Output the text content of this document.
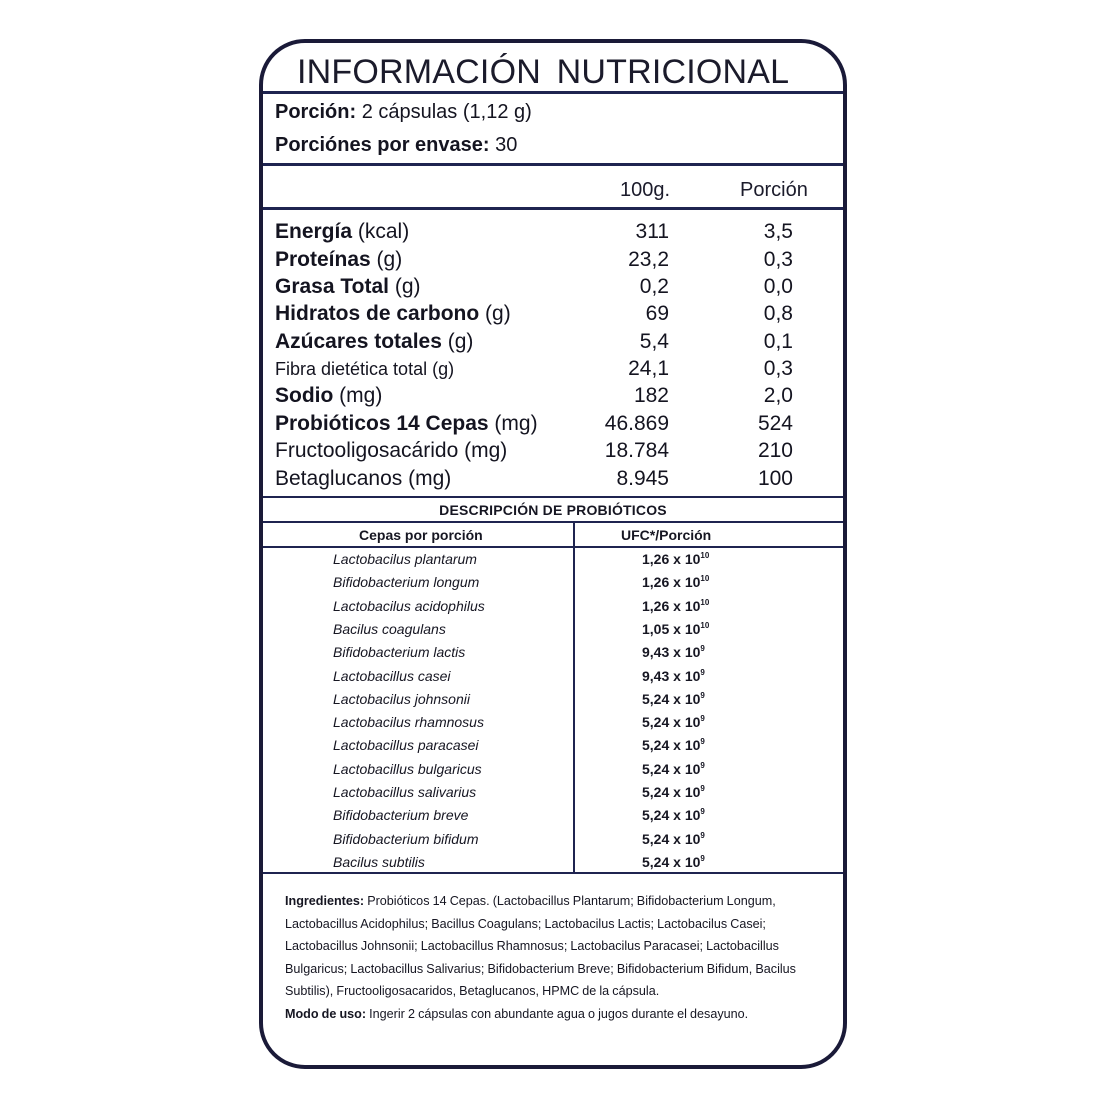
INFORMACIÓN NUTRICIONAL
Porción: 2 cápsulas (1,12 g)
Porciónes por envase: 30
100g.	Porción
Energía (kcal)	311	3,5
Proteínas (g)	23,2	0,3
Grasa Total (g)	0,2	0,0
Hidratos de carbono (g)	69	0,8
Azúcares totales (g)	5,4	0,1
Fibra dietética total (g)	24,1	0,3
Sodio (mg)	182	2,0
Probióticos 14 Cepas (mg)	46.869	524
Fructooligosacárido (mg)	18.784	210
Betaglucanos (mg)	8.945	100
DESCRIPCIÓN DE PROBIÓTICOS
Cepas por porción	UFC*/Porción
Lactobacilus plantarum	1,26 x $10^{10}$
Bifidobacterium longum	1,26 x $10^{10}$
Lactobacilus acidophilus	1,26 x $10^{10}$
Bacilus coagulans	1,05 x $10^{10}$
Bifidobacterium lactis	9,43 x $10^9$
Lactobacillus casei	9,43 x $10^9$
Lactobacilus johnsonii	5,24 x $10^9$
Lactobacilus rhamnosus	5,24 x $10^9$
Lactobacillus paracasei	5,24 x $10^9$
Lactobacillus bulgaricus	5,24 x $10^9$
Lactobacillus salivarius	5,24 x $10^9$
Bifidobacterium breve	5,24 x $10^9$
Bifidobacterium bifidum	5,24 x $10^9$
Bacilus subtilis	5,24 x $10^9$
Ingredientes: Probióticos 14 Cepas. (Lactobacillus Plantarum; Bifidobacterium Longum, Lactobacillus Acidophilus; Bacillus Coagulans; Lactobacilus Lactis; Lactobacilus Casei; Lactobacillus Johnsonii; Lactobacillus Rhamnosus; Lactobacilus Paracasei; Lactobacillus Bulgaricus; Lactobacillus Salivarius; Bifidobacterium Breve; Bifidobacterium Bifidum, Bacilus Subtilis), Fructooligosacaridos, Betaglucanos, HPMC de la cápsula.
Modo de uso: Ingerir 2 cápsulas con abundante agua o jugos durante el desayuno.
